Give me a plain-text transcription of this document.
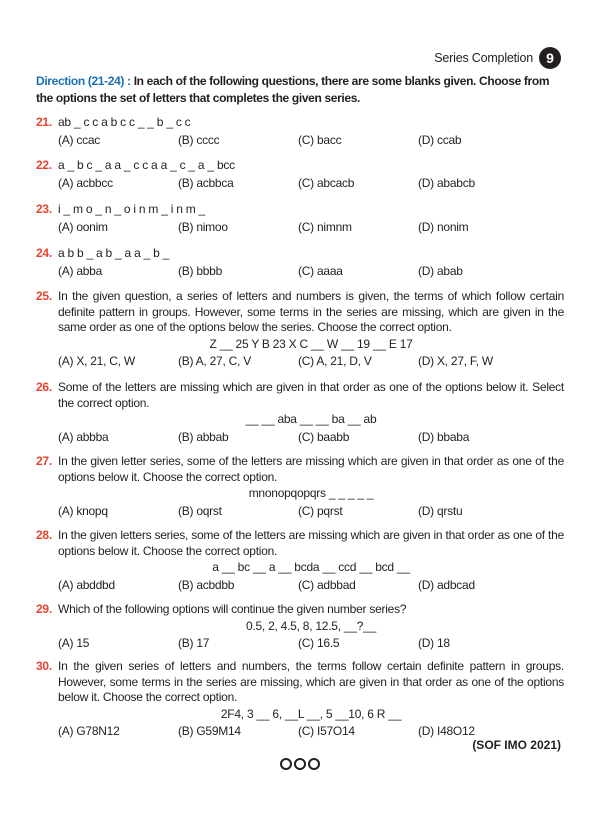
Series Completion 9
Direction (21-24) : In each of the following questions, there are some blanks given. Choose from the options the set of letters that completes the given series.
21. ab _ c c a b c c _ _ b _ c c
(A) ccac	(B) cccc	(C) bacc	(D) ccab
22. a _ b c _ a a _ c c a a _ c _ a _ bcc
(A) acbbcc	(B) acbbca	(C) abcacb	(D) ababcb
23. i _ m o _ n _ o i n m _ i n m _
(A) oonim	(B) nimoo	(C) nimnm	(D) nonim
24. a b b _ a b _ a a _ b _
(A) abba	(B) bbbb	(C) aaaa	(D) abab
25. In the given question, a series of letters and numbers is given, the terms of which follow certain definite pattern in groups. However, some terms in the series are missing, which are given in the same order as one of the options below the series. Choose the correct option.
Z __ 25 Y B 23 X C __ W __ 19 __ E 17
(A) X, 21, C, W	(B) A, 27, C, V	(C) A, 21, D, V	(D) X, 27, F, W
26. Some of the letters are missing which are given in that order as one of the options below it. Select the correct option.
__ __ aba __ __ ba __ ab
(A) abbba	(B) abbab	(C) baabb	(D) bbaba
27. In the given letter series, some of the letters are missing which are given in that order as one of the options below it. Choose the correct option.
mnonopqopqrs _ _ _ _ _
(A) knopq	(B) oqrst	(C) pqrst	(D) qrstu
28. In the given letters series, some of the letters are missing which are given in that order as one of the options below it. Choose the correct option.
a __ bc __ a __ bcda __ ccd __ bcd __
(A) abddbd	(B) acbdbb	(C) adbbad	(D) adbcad
29. Which of the following options will continue the given number series?
0.5, 2, 4.5, 8, 12.5, __?__
(A) 15	(B) 17	(C) 16.5	(D) 18
30. In the given series of letters and numbers, the terms follow certain definite pattern in groups. However, some terms in the series are missing, which are given in that order as one of the options below it. Choose the correct option.
2F4, 3 __ 6, __L __, 5 __10, 6 R __
(A) G78N12	(B) G59M14	(C) I57O14	(D) I48O12
(SOF IMO 2021)
